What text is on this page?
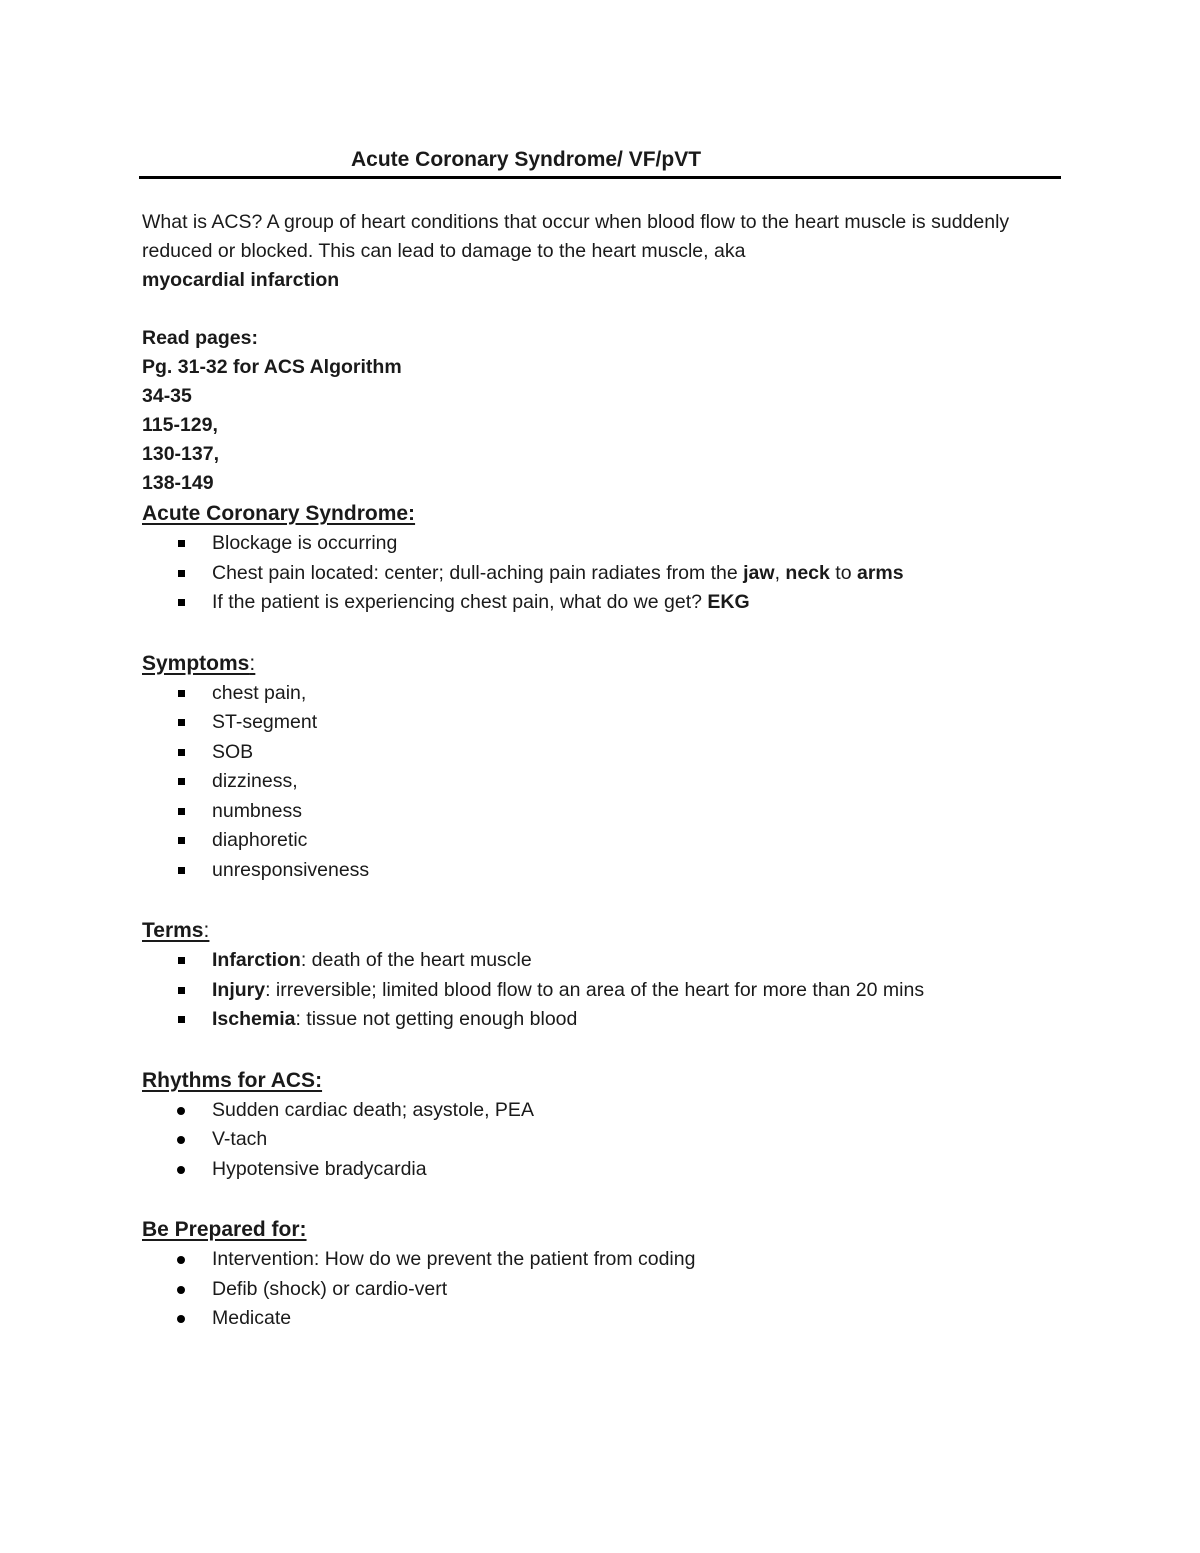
Acute Coronary Syndrome/ VF/pVT

What is ACS? A group of heart conditions that occur when blood flow to the heart muscle is suddenly reduced or blocked. This can lead to damage to the heart muscle, aka
myocardial infarction

Read pages:
Pg. 31-32 for ACS Algorithm
34-35
115-129,
130-137,
138-149
Acute Coronary Syndrome:
Blockage is occurring
Chest pain located: center; dull-aching pain radiates from the jaw, neck to arms
If the patient is experiencing chest pain, what do we get? EKG
Symptoms:
chest pain,
ST-segment
SOB
dizziness,
numbness
diaphoretic
unresponsiveness
Terms:
Infarction: death of the heart muscle
Injury: irreversible; limited blood flow to an area of the heart for more than 20 mins
Ischemia: tissue not getting enough blood
Rhythms for ACS:
Sudden cardiac death; asystole, PEA
V-tach
Hypotensive bradycardia
Be Prepared for:
Intervention: How do we prevent the patient from coding
Defib (shock) or cardio-vert
Medicate
